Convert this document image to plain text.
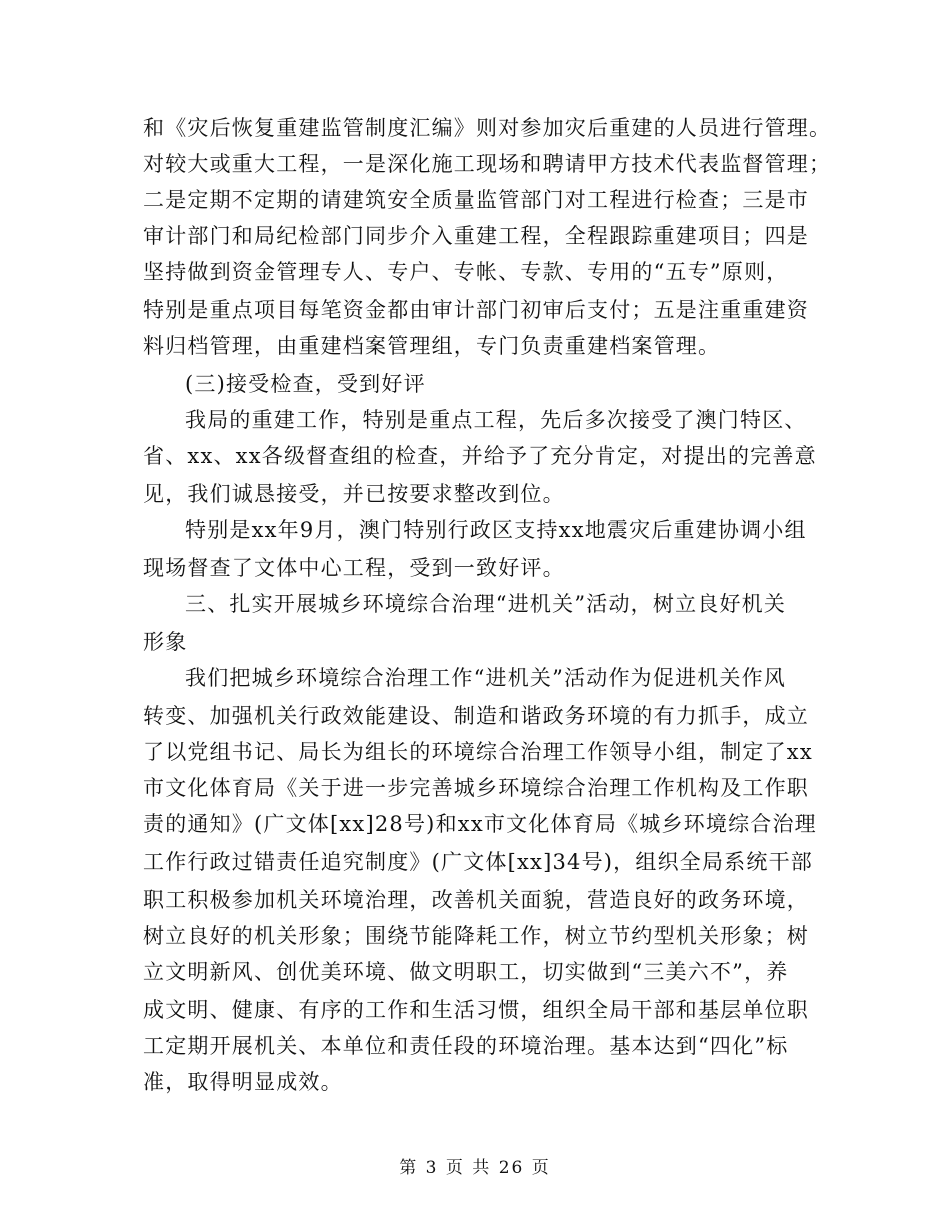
和《灾后恢复重建监管制度汇编》则对参加灾后重建的人员进行管理。
对较大或重大工程，一是深化施工现场和聘请甲方技术代表监督管理；
二是定期不定期的请建筑安全质量监管部门对工程进行检查；三是市
审计部门和局纪检部门同步介入重建工程，全程跟踪重建项目；四是
坚持做到资金管理专人、专户、专帐、专款、专用的“五专”原则，
特别是重点项目每笔资金都由审计部门初审后支付；五是注重重建资
料归档管理，由重建档案管理组，专门负责重建档案管理。
(三)接受检查，受到好评
我局的重建工作，特别是重点工程，先后多次接受了澳门特区、
省、xx、xx各级督查组的检查，并给予了充分肯定，对提出的完善意
见，我们诚恳接受，并已按要求整改到位。
特别是xx年9月，澳门特别行政区支持xx地震灾后重建协调小组
现场督查了文体中心工程，受到一致好评。
三、扎实开展城乡环境综合治理“进机关”活动，树立良好机关
形象
我们把城乡环境综合治理工作“进机关”活动作为促进机关作风
转变、加强机关行政效能建设、制造和谐政务环境的有力抓手，成立
了以党组书记、局长为组长的环境综合治理工作领导小组，制定了xx
市文化体育局《关于进一步完善城乡环境综合治理工作机构及工作职
责的通知》(广文体[xx]28号)和xx市文化体育局《城乡环境综合治理
工作行政过错责任追究制度》(广文体[xx]34号)，组织全局系统干部
职工积极参加机关环境治理，改善机关面貌，营造良好的政务环境，
树立良好的机关形象；围绕节能降耗工作，树立节约型机关形象；树
立文明新风、创优美环境、做文明职工，切实做到“三美六不”，养
成文明、健康、有序的工作和生活习惯，组织全局干部和基层单位职
工定期开展机关、本单位和责任段的环境治理。基本达到“四化”标
准，取得明显成效。
第 3 页 共 26 页
